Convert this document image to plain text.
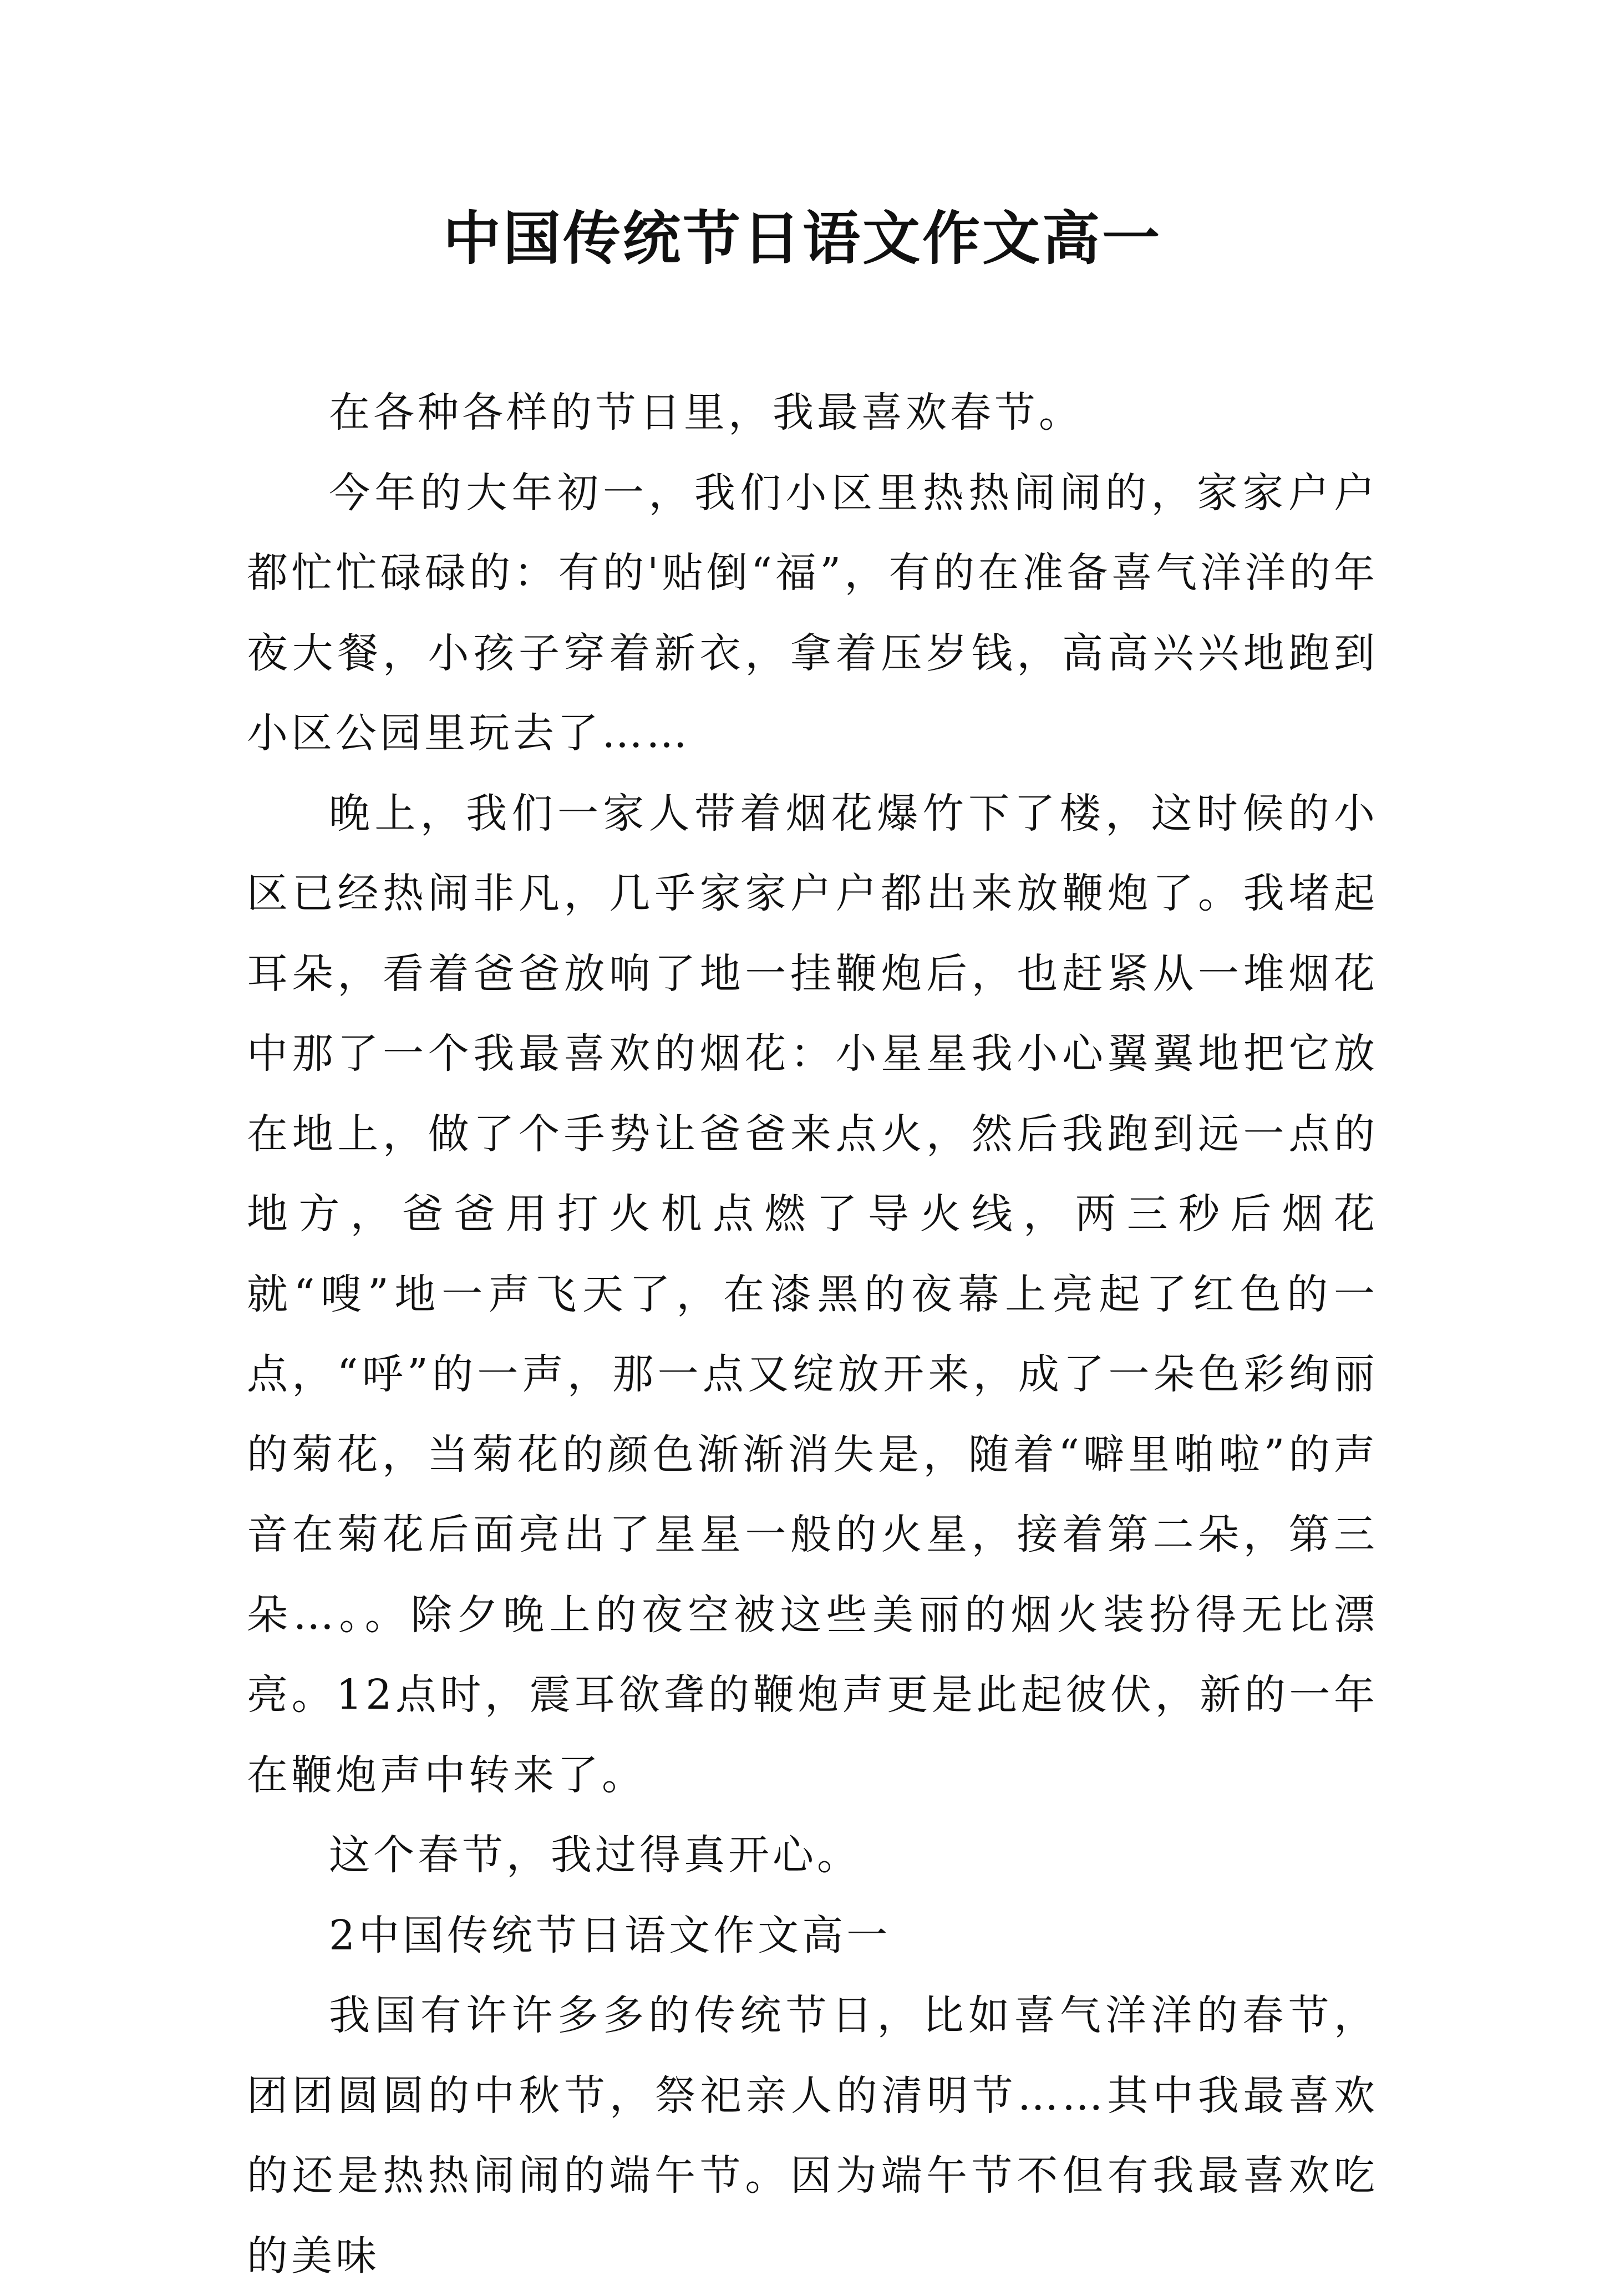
中国传统节日语文作文高一

在各种各样的节日里，我最喜欢春节。

今年的大年初一，我们小区里热热闹闹的，家家户户都忙忙碌碌的：有的'贴倒“福”，有的在准备喜气洋洋的年夜大餐，小孩子穿着新衣，拿着压岁钱，高高兴兴地跑到小区公园里玩去了……

晚上，我们一家人带着烟花爆竹下了楼，这时候的小区已经热闹非凡，几乎家家户户都出来放鞭炮了。我堵起耳朵，看着爸爸放响了地一挂鞭炮后，也赶紧从一堆烟花中那了一个我最喜欢的烟花：小星星我小心翼翼地把它放在地上，做了个手势让爸爸来点火，然后我跑到远一点的地方，爸爸用打火机点燃了导火线，两三秒后烟花就“嗖”地一声飞天了，在漆黑的夜幕上亮起了红色的一点，“呼”的一声，那一点又绽放开来，成了一朵色彩绚丽的菊花，当菊花的颜色渐渐消失是，随着“噼里啪啦”的声音在菊花后面亮出了星星一般的火星，接着第二朵，第三朵…。。除夕晚上的夜空被这些美丽的烟火装扮得无比漂亮。12点时，震耳欲聋的鞭炮声更是此起彼伏，新的一年在鞭炮声中转来了。

这个春节，我过得真开心。

2中国传统节日语文作文高一

我国有许许多多的传统节日，比如喜气洋洋的春节，团团圆圆的中秋节，祭祀亲人的清明节……其中我最喜欢的还是热热闹闹的端午节。因为端午节不但有我最喜欢吃的美味
